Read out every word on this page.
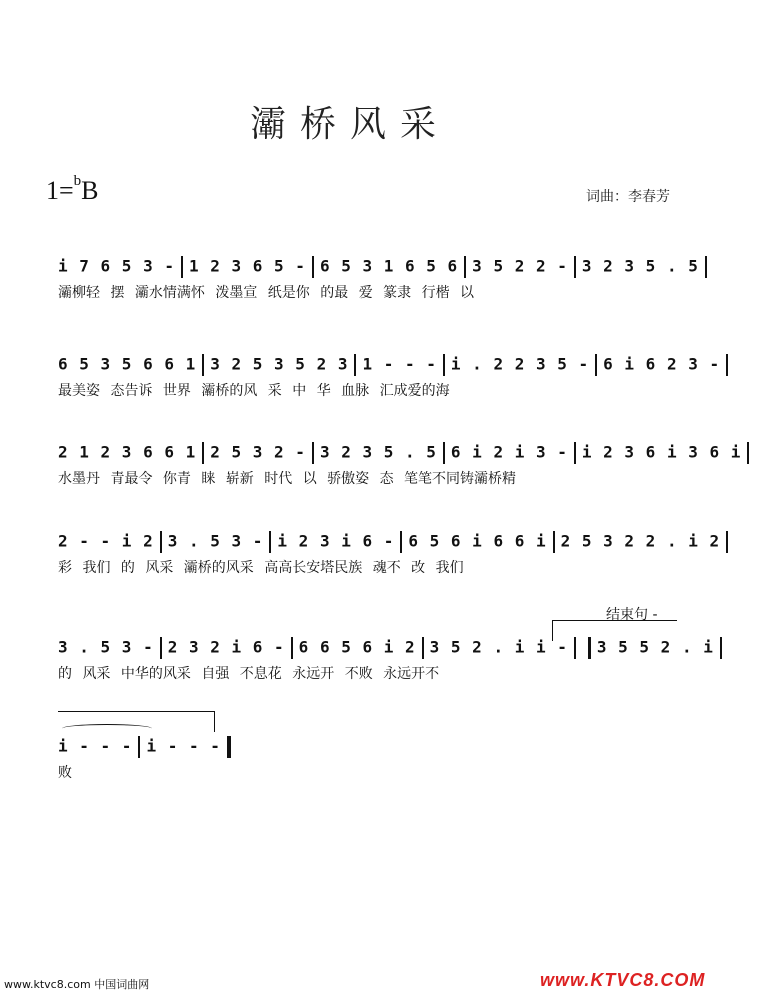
灞桥风采
1=$^b$B	词曲：李春芳
i 7 6 5 3 - 1 2 3 6 5 - 6 5 3 1 6 5 6 3 5 2 2 - 3 2 3 5 . 5
灞柳轻 摆 灞水情满怀 泼墨宣 纸是你 的最 爱 篆隶 行楷 以
6 5 3 5 6 6 1 3 2 5 3 5 2 3 1 - - - i . 2 2 3 5 - 6 i 6 2 3 -
最美姿 态告诉 世界 灞桥的风 采 中 华 血脉 汇成爱的海
2 1 2 3 6 6 1 2 5 3 2 - 3 2 3 5 . 5 6 i 2 i 3 - i 2 3 6 i 3 6 i
水墨丹 青最令 你青 睐 崭新 时代 以 骄傲姿 态 笔笔不同铸灞桥精
2 - - i 2 3 . 5 3 - i 2 3 i 6 - 6 5 6 i 6 6 i 2 5 3 2 2 . i 2
彩 我们 的 风采 灞桥的风采 高高长安塔民族 魂不 改 我们
结束句 -
3 . 5 3 - 2 3 2 i 6 - 6 6 5 6 i 2 3 5 2 . i i - 3 5 5 2 . i
的 风采 中华的风采 自强 不息花 永远开 不败 永远开不
i - - - i - - -
败
www.ktvc8.com 中国词曲网	www.KTVC8.COM
